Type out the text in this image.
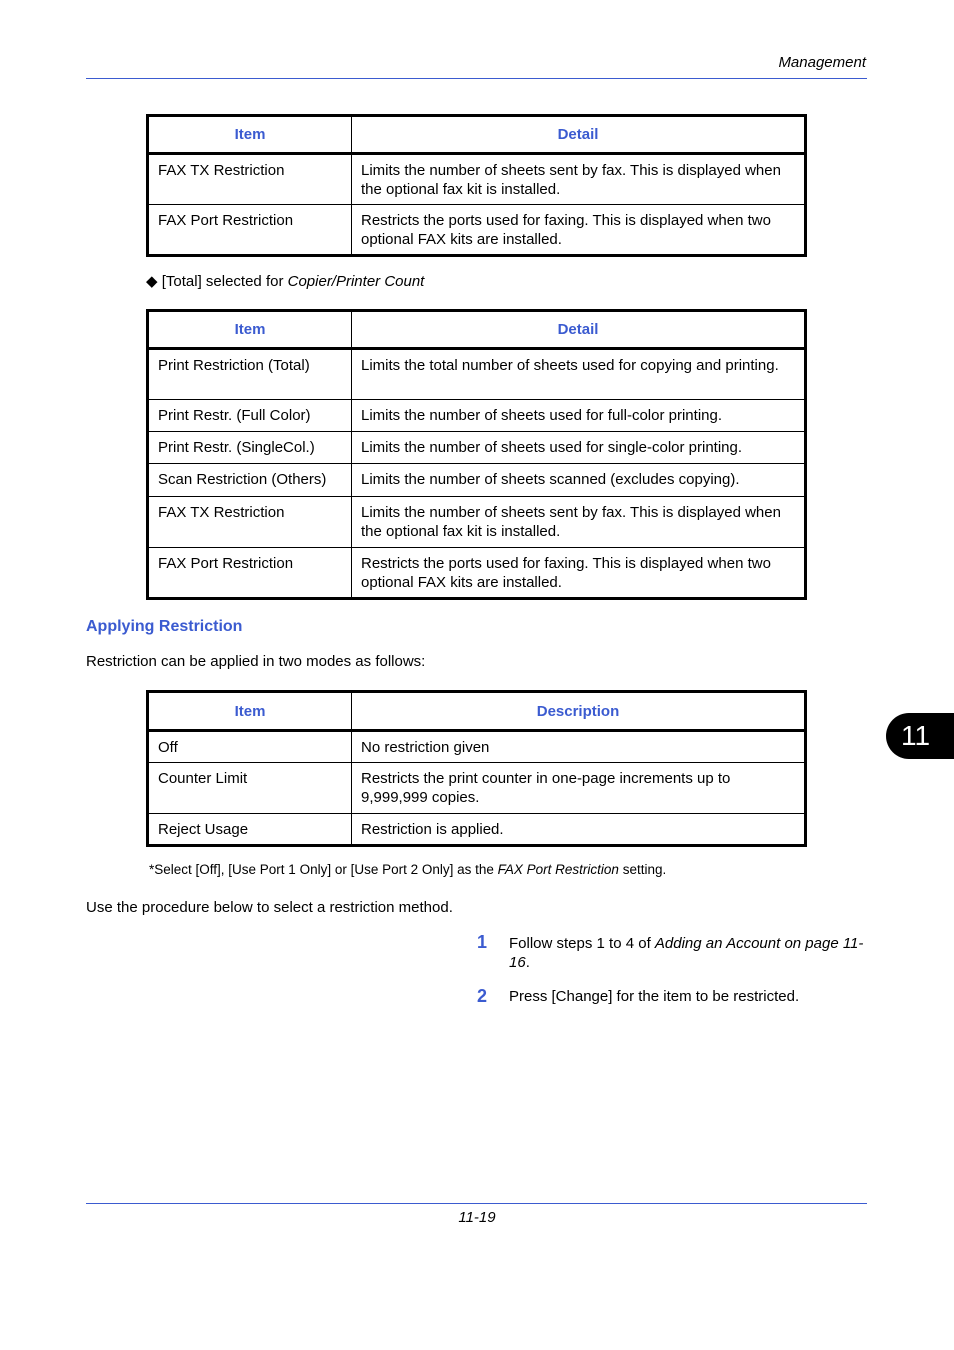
Management
Item	Detail
FAX TX Restriction	Limits the number of sheets sent by fax. This is displayed when the optional fax kit is installed.
FAX Port Restriction	Restricts the ports used for faxing. This is displayed when two optional FAX kits are installed.
◆ [Total] selected for Copier/Printer Count
Item	Detail
Print Restriction (Total)	Limits the total number of sheets used for copying and printing.
Print Restr. (Full Color)	Limits the number of sheets used for full-color printing.
Print Restr. (SingleCol.)	Limits the number of sheets used for single-color printing.
Scan Restriction (Others)	Limits the number of sheets scanned (excludes copying).
FAX TX Restriction	Limits the number of sheets sent by fax. This is displayed when the optional fax kit is installed.
FAX Port Restriction	Restricts the ports used for faxing. This is displayed when two optional FAX kits are installed.
Applying Restriction
Restriction can be applied in two modes as follows:
Item	Description
Off	No restriction given
Counter Limit	Restricts the print counter in one-page increments up to 9,999,999 copies.
Reject Usage	Restriction is applied.
*Select [Off], [Use Port 1 Only] or [Use Port 2 Only] as the FAX Port Restriction setting.
Use the procedure below to select a restriction method.
1 Follow steps 1 to 4 of Adding an Account on page 11-16.
2 Press [Change] for the item to be restricted.
11
11-19
